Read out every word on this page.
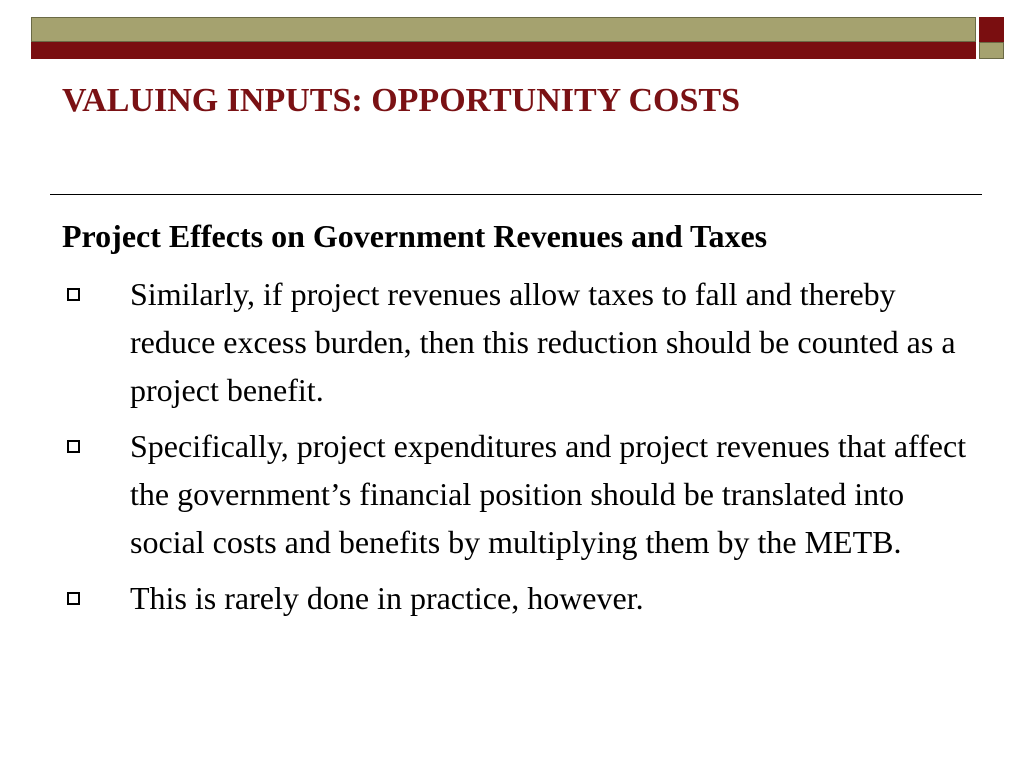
VALUING INPUTS: OPPORTUNITY COSTS
Project Effects on Government Revenues and Taxes
Similarly, if project revenues allow taxes to fall and thereby reduce excess burden, then this reduction should be counted as a project benefit.
Specifically, project expenditures and project revenues that affect the government’s financial position should be translated into social costs and benefits by multiplying them by the METB.
This is rarely done in practice, however.
